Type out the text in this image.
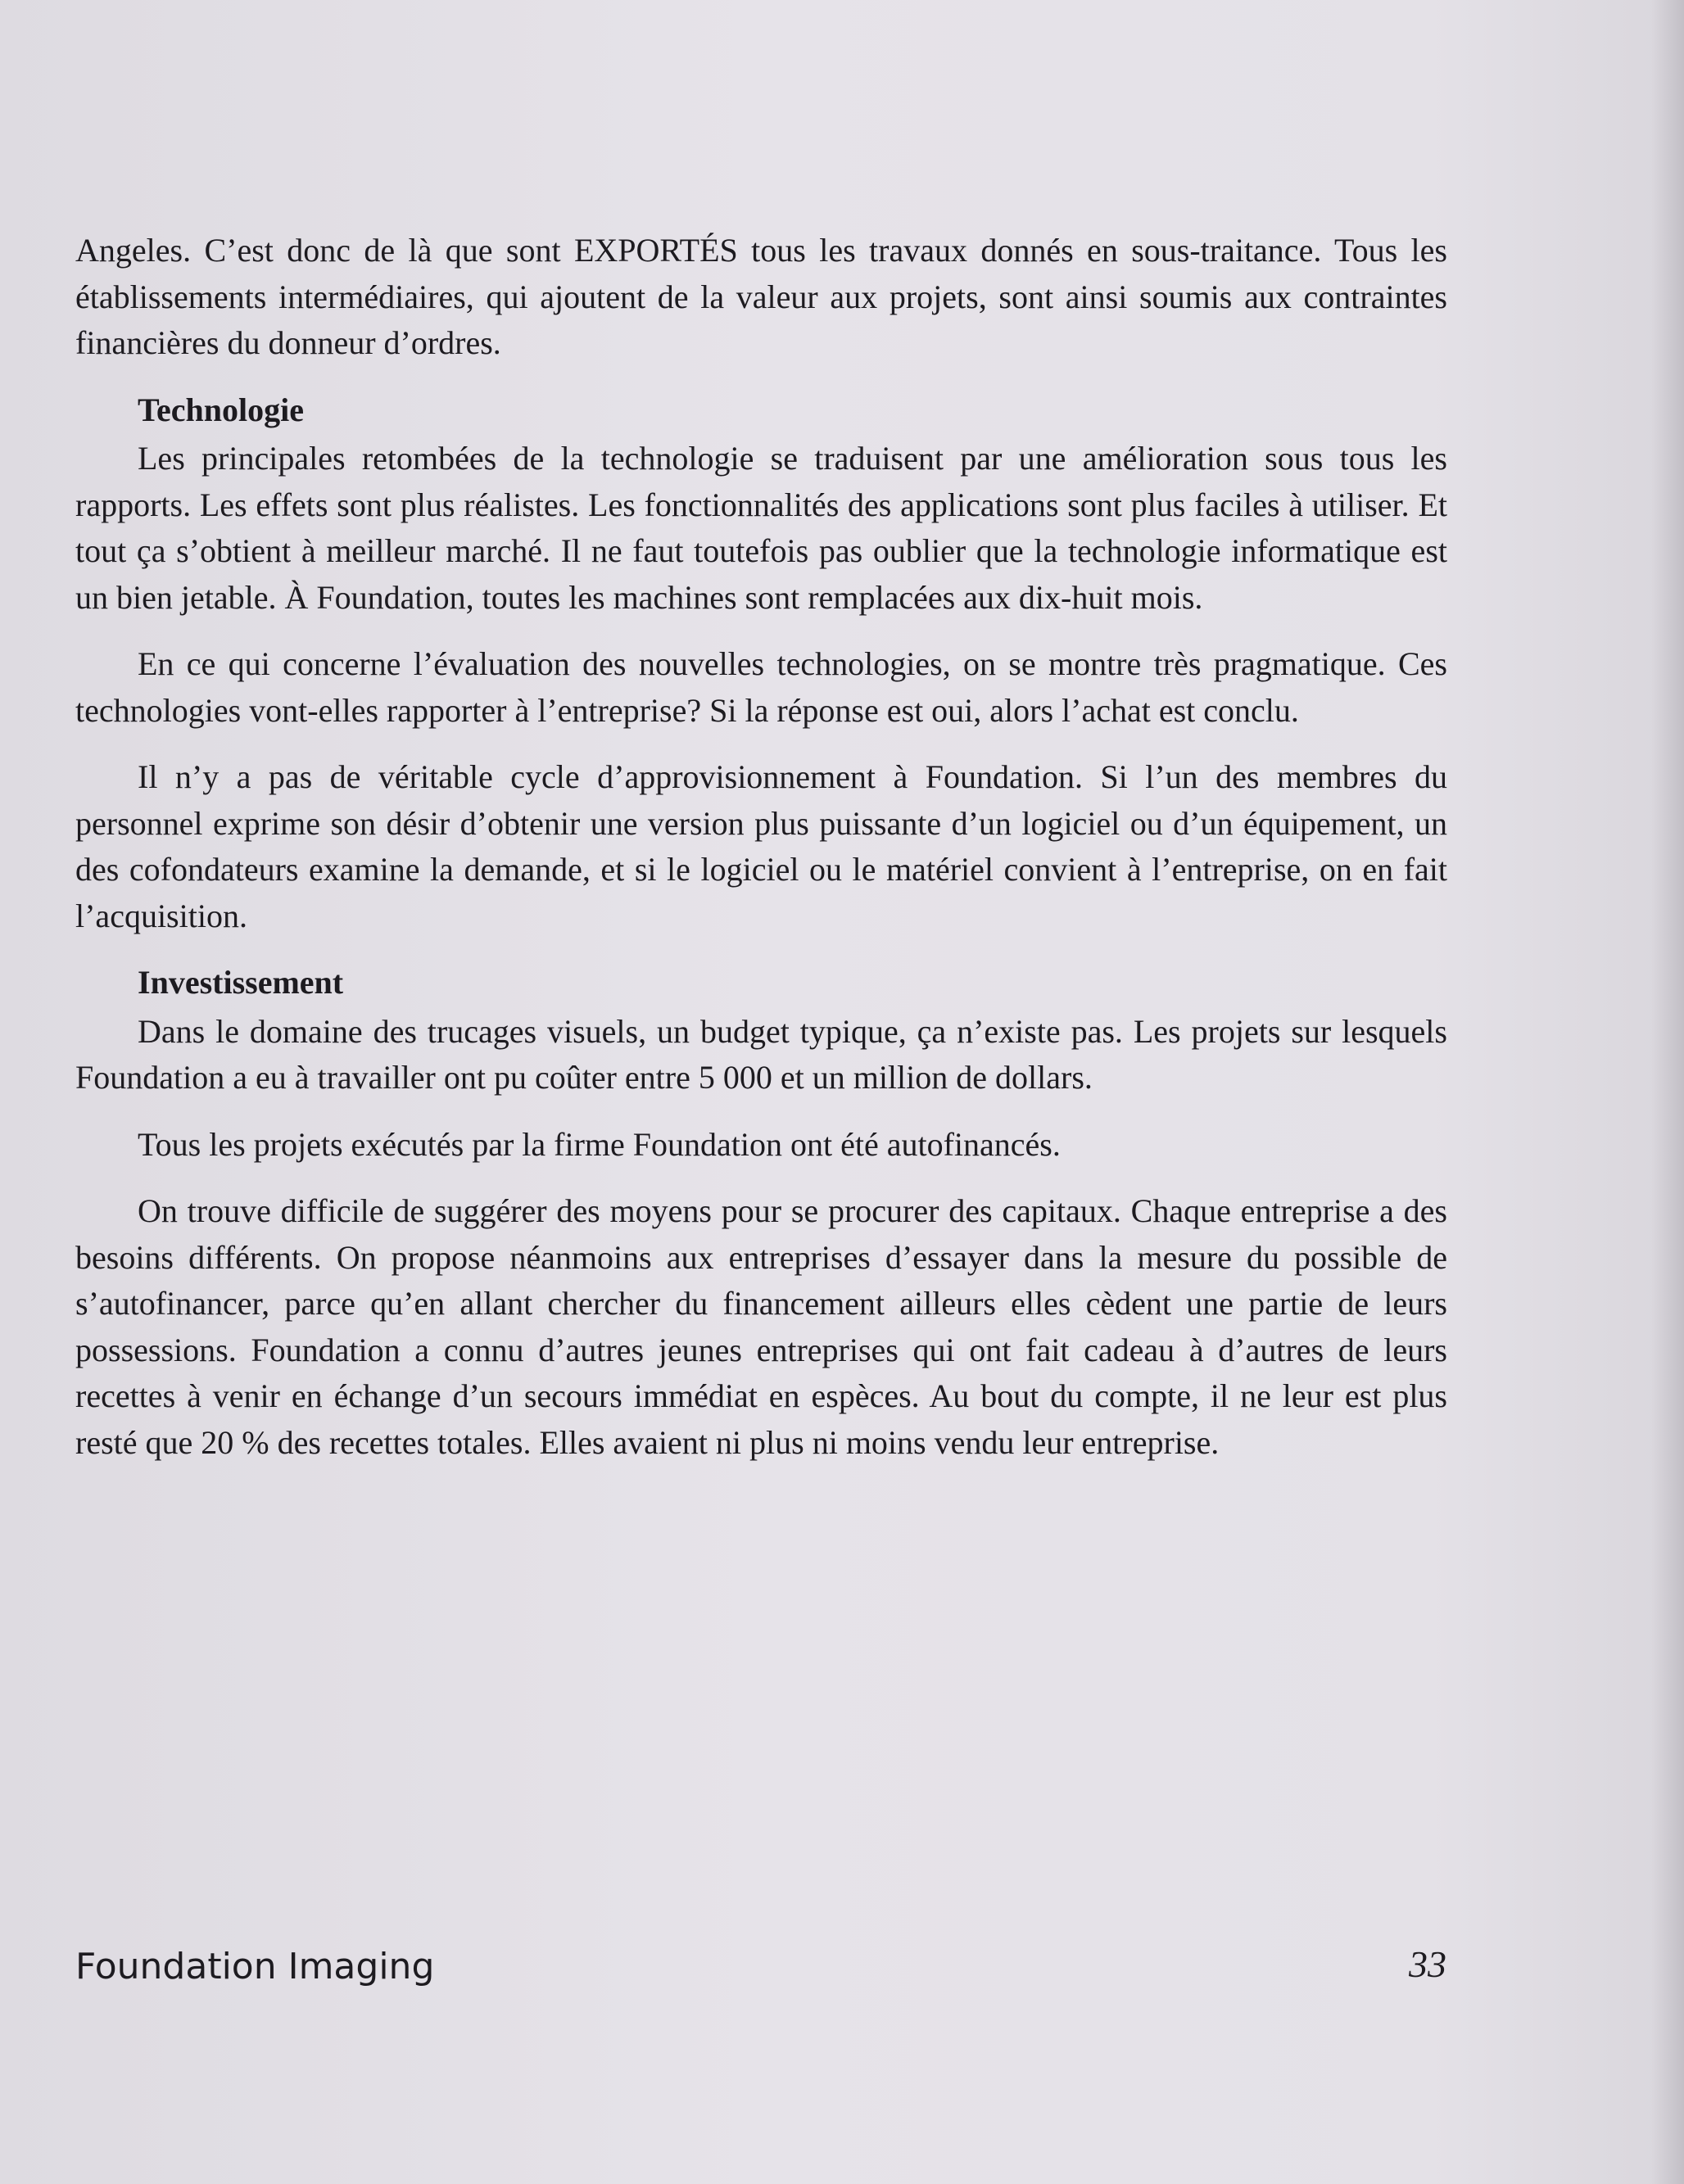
Angeles. C’est donc de là que sont EXPORTÉS tous les travaux donnés en sous-traitance. Tous les établissements intermédiaires, qui ajoutent de la valeur aux projets, sont ainsi soumis aux contraintes financières du donneur d’ordres.

Technologie

Les principales retombées de la technologie se traduisent par une amélioration sous tous les rapports. Les effets sont plus réalistes. Les fonctionnalités des applications sont plus faciles à utiliser. Et tout ça s’obtient à meilleur marché. Il ne faut toutefois pas oublier que la technologie informatique est un bien jetable. À Foundation, toutes les machines sont remplacées aux dix-huit mois.

En ce qui concerne l’évaluation des nouvelles technologies, on se montre très pragmatique. Ces technologies vont-elles rapporter à l’entreprise? Si la réponse est oui, alors l’achat est conclu.

Il n’y a pas de véritable cycle d’approvisionnement à Foundation. Si l’un des membres du personnel exprime son désir d’obtenir une version plus puissante d’un logiciel ou d’un équipement, un des cofondateurs examine la demande, et si le logiciel ou le matériel convient à l’entreprise, on en fait l’acquisition.

Investissement

Dans le domaine des trucages visuels, un budget typique, ça n’existe pas. Les projets sur lesquels Foundation a eu à travailler ont pu coûter entre 5 000 et un million de dollars.

Tous les projets exécutés par la firme Foundation ont été autofinancés.

On trouve difficile de suggérer des moyens pour se procurer des capitaux. Chaque entreprise a des besoins différents. On propose néanmoins aux entreprises d’essayer dans la mesure du possible de s’autofinancer, parce qu’en allant chercher du financement ailleurs elles cèdent une partie de leurs possessions. Foundation a connu d’autres jeunes entreprises qui ont fait cadeau à d’autres de leurs recettes à venir en échange d’un secours immédiat en espèces. Au bout du compte, il ne leur est plus resté que 20 % des recettes totales. Elles avaient ni plus ni moins vendu leur entreprise.

Foundation Imaging	33
